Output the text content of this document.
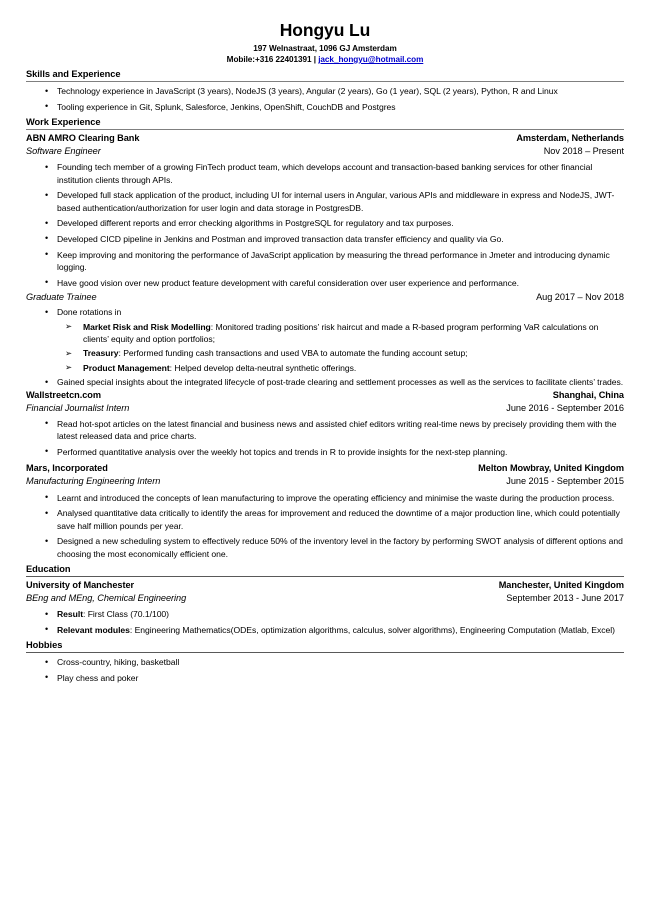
Hongyu Lu
197 Welnastraat, 1096 GJ Amsterdam
Mobile:+316 22401391 | jack_hongyu@hotmail.com
Skills and Experience
• Technology experience in JavaScript (3 years), NodeJS (3 years), Angular (2 years), Go (1 year), SQL (2 years), Python, R and Linux
• Tooling experience in Git, Splunk, Salesforce, Jenkins, OpenShift, CouchDB and Postgres
Work Experience
ABN AMRO Clearing Bank	Amsterdam, Netherlands
Software Engineer	Nov 2018 – Present
• Founding tech member of a growing FinTech product team, which develops account and transaction-based banking services for other financial institution clients through APIs.
• Developed full stack application of the product, including UI for internal users in Angular, various APIs and middleware in express and NodeJS, JWT-based authentication/authorization for user login and data storage in PostgresDB.
• Developed different reports and error checking algorithms in PostgreSQL for regulatory and tax purposes.
• Developed CICD pipeline in Jenkins and Postman and improved transaction data transfer efficiency and quality via Go.
• Keep improving and monitoring the performance of JavaScript application by measuring the thread performance in Jmeter and introducing dynamic logging.
• Have good vision over new product feature development with careful consideration over user experience and performance.
Graduate Trainee	Aug 2017 – Nov 2018
• Done rotations in
➢ Market Risk and Risk Modelling: Monitored trading positions’ risk haircut and made a R-based program performing VaR calculations on clients’ equity and option portfolios;
➢ Treasury: Performed funding cash transactions and used VBA to automate the funding account setup;
➢ Product Management: Helped develop delta-neutral synthetic offerings.
• Gained special insights about the integrated lifecycle of post-trade clearing and settlement processes as well as the services to facilitate clients’ trades.
Wallstreetcn.com	Shanghai, China
Financial Journalist Intern	June 2016 - September 2016
• Read hot-spot articles on the latest financial and business news and assisted chief editors writing real-time news by precisely providing them with the latest released data and price charts.
• Performed quantitative analysis over the weekly hot topics and trends in R to provide insights for the next-step planning.
Mars, Incorporated	Melton Mowbray, United Kingdom
Manufacturing Engineering Intern	June 2015 - September 2015
• Learnt and introduced the concepts of lean manufacturing to improve the operating efficiency and minimise the waste during the production process.
• Analysed quantitative data critically to identify the areas for improvement and reduced the downtime of a major production line, which could potentially save half million pounds per year.
• Designed a new scheduling system to effectively reduce 50% of the inventory level in the factory by performing SWOT analysis of different options and choosing the most economically efficient one.
Education
University of Manchester	Manchester, United Kingdom
BEng and MEng, Chemical Engineering	September 2013 - June 2017
• Result: First Class (70.1/100)
• Relevant modules: Engineering Mathematics(ODEs, optimization algorithms, calculus, solver algorithms), Engineering Computation (Matlab, Excel)
Hobbies
• Cross-country, hiking, basketball
• Play chess and poker
